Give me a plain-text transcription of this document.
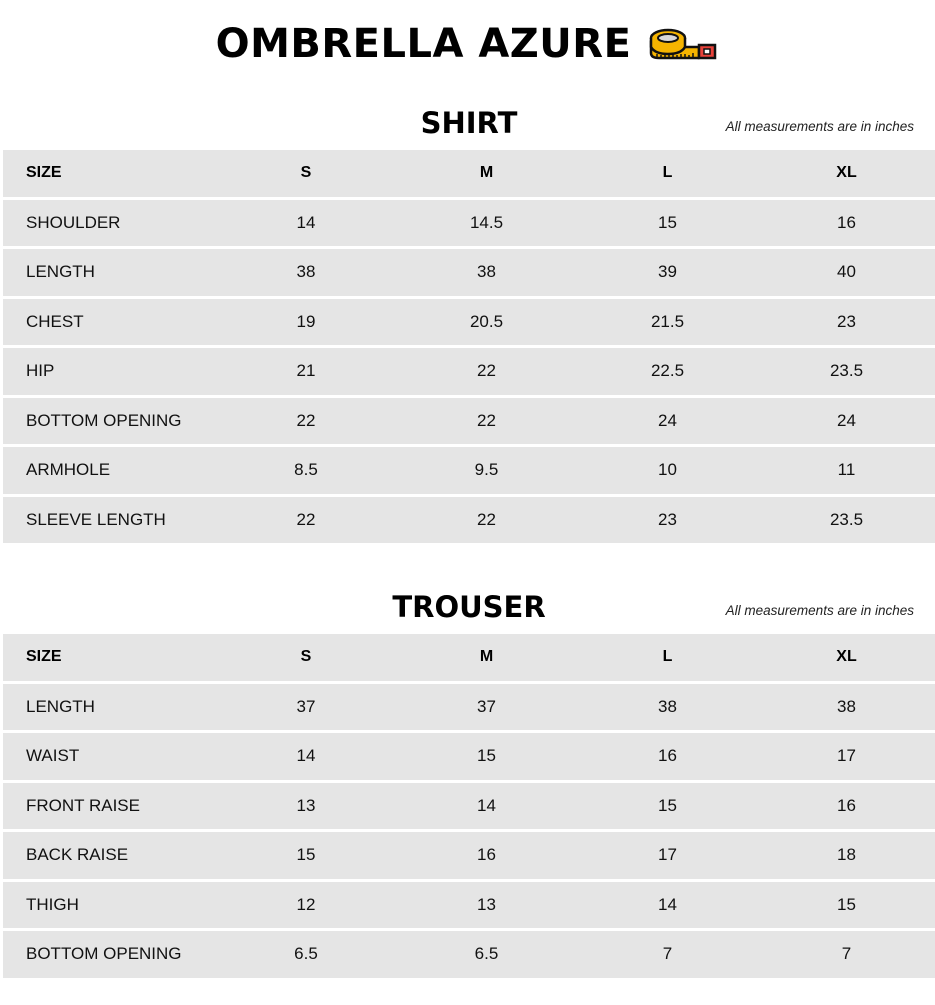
OMBRELLA AZURE
SHIRT	All measurements are in inches
SIZE	S	M	L	XL
SHOULDER	14	14.5	15	16
LENGTH	38	38	39	40
CHEST	19	20.5	21.5	23
HIP	21	22	22.5	23.5
BOTTOM OPENING	22	22	24	24
ARMHOLE	8.5	9.5	10	11
SLEEVE LENGTH	22	22	23	23.5
TROUSER	All measurements are in inches
SIZE	S	M	L	XL
LENGTH	37	37	38	38
WAIST	14	15	16	17
FRONT RAISE	13	14	15	16
BACK RAISE	15	16	17	18
THIGH	12	13	14	15
BOTTOM OPENING	6.5	6.5	7	7
